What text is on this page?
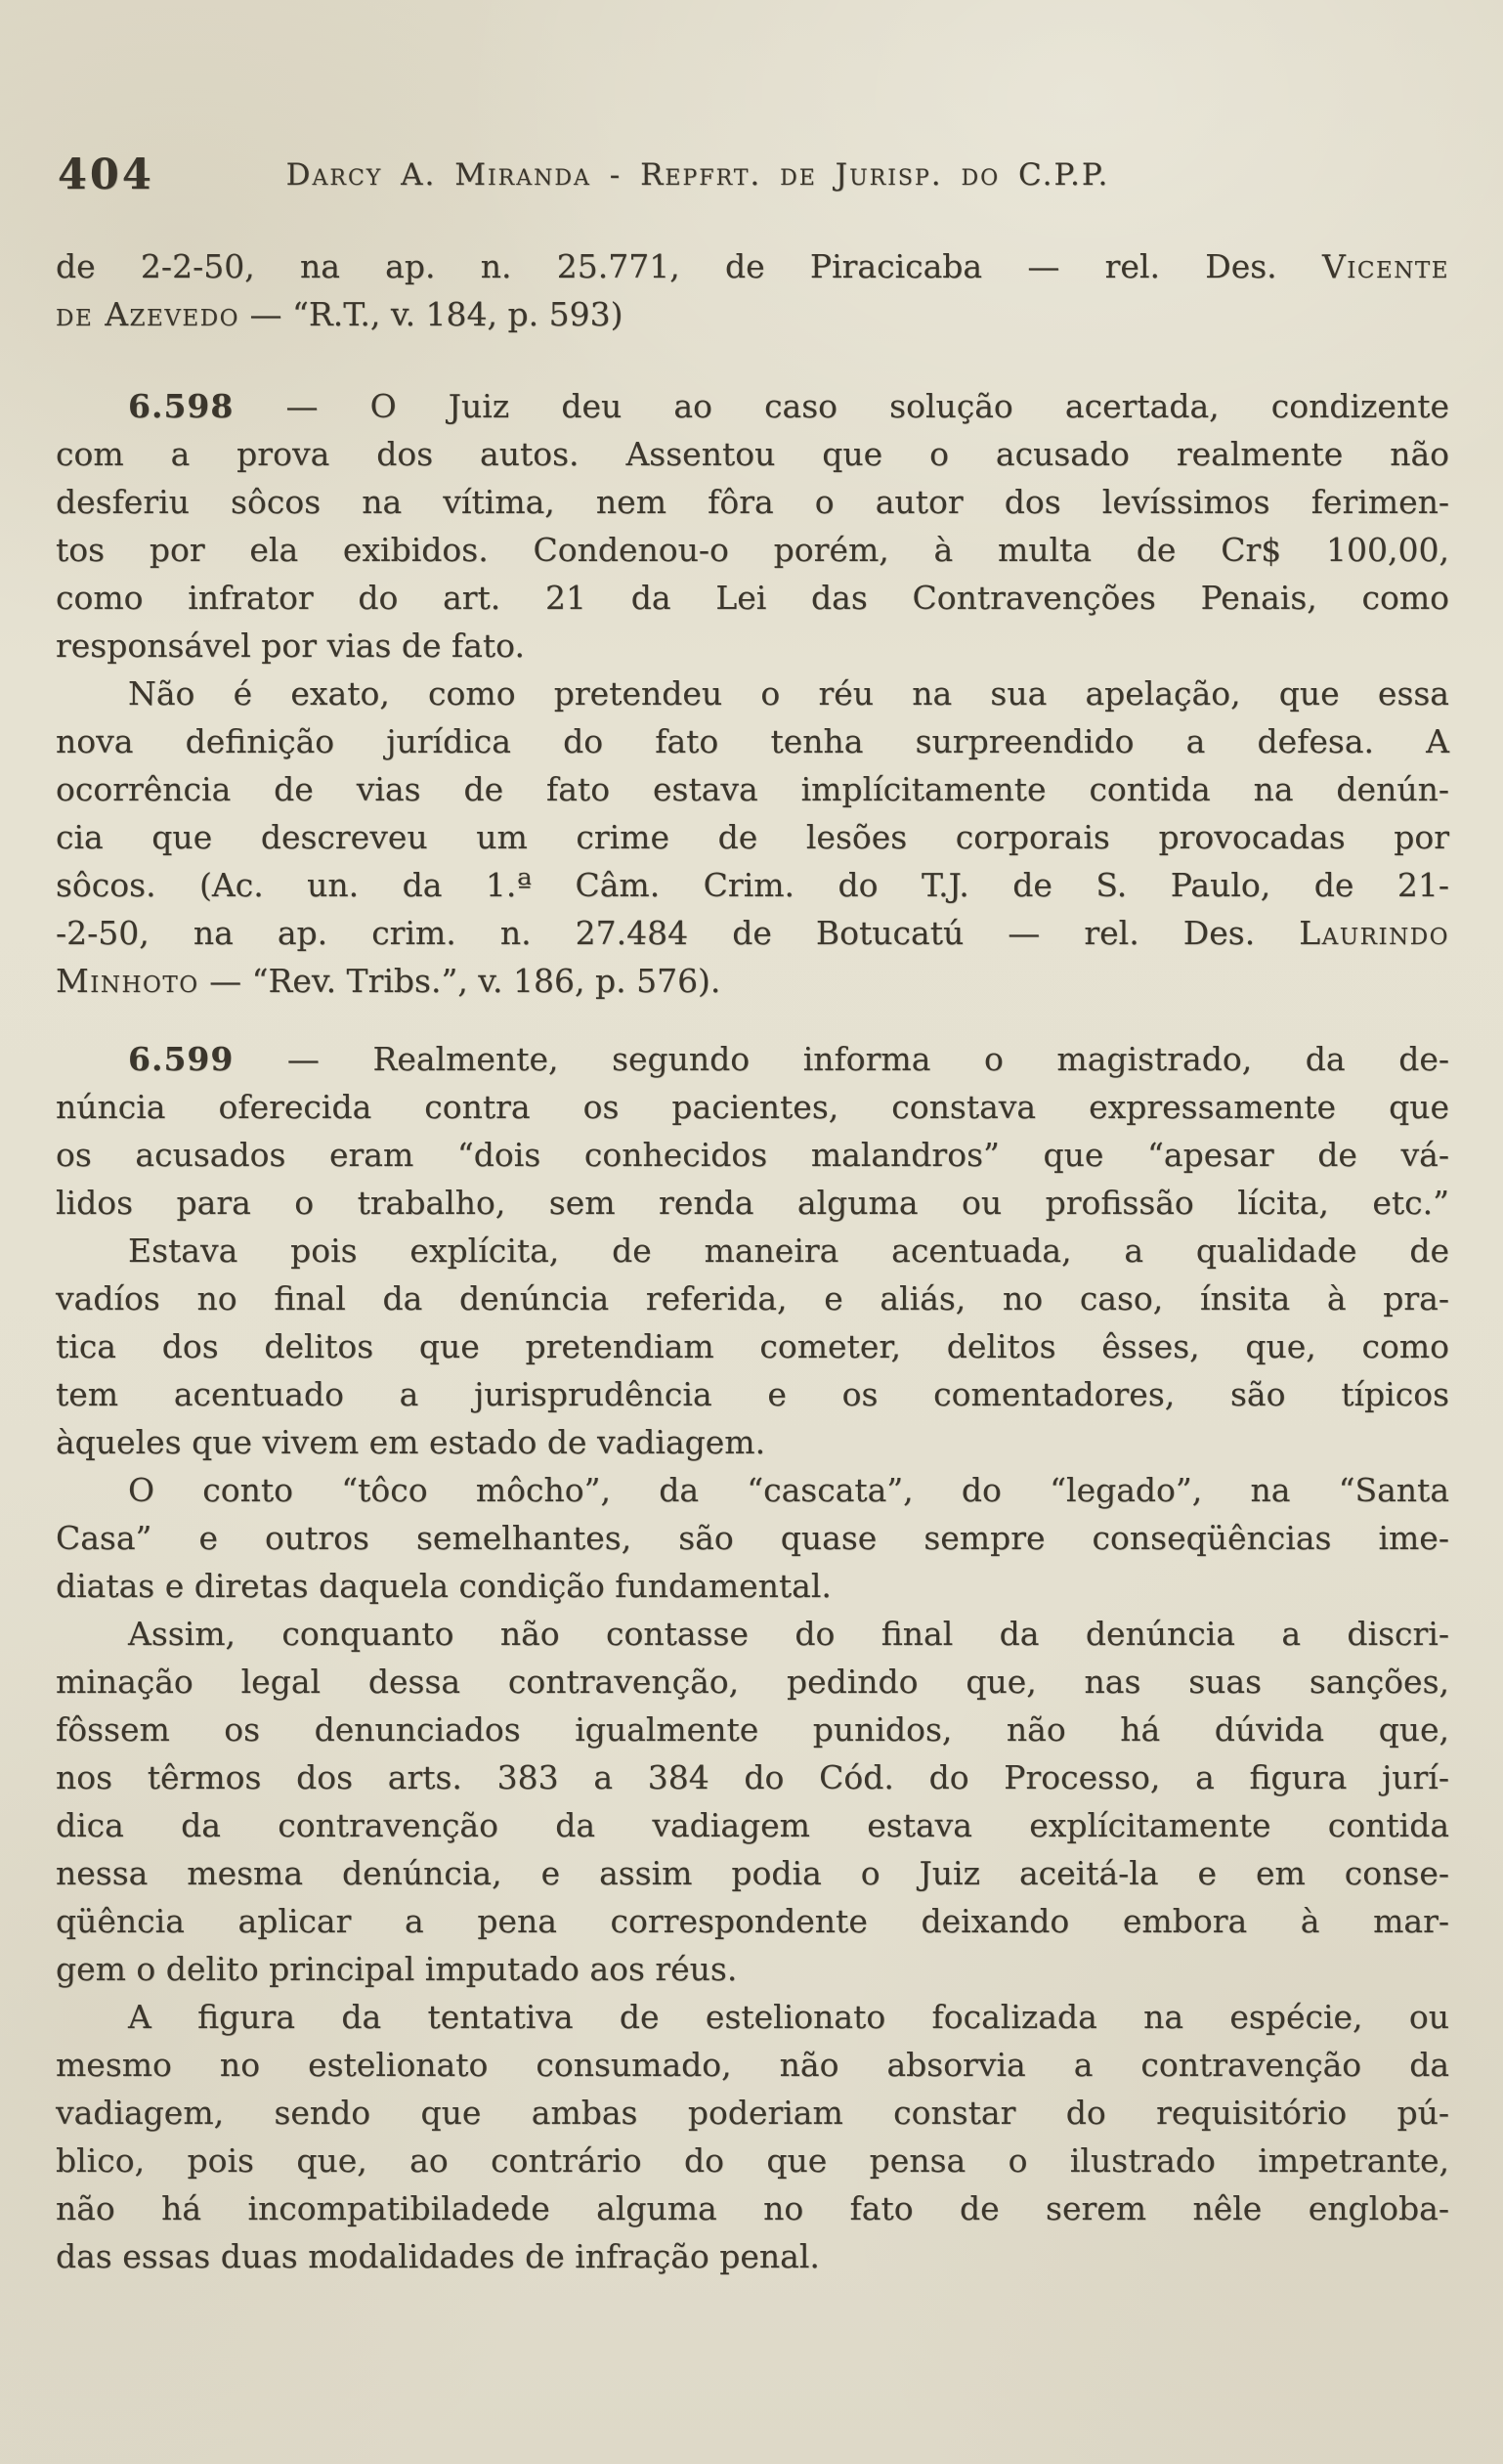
404	Darcy A. Miranda - Repfrt. de Jurisp. do C.P.P.
de 2-2-50, na ap. n. 25.771, de Piracicaba — rel. Des. Vicente
de Azevedo — “R.T., v. 184, p. 593)
6.598 — O Juiz deu ao caso solução acertada, condizente
com a prova dos autos. Assentou que o acusado realmente não
desferiu sôcos na vítima, nem fôra o autor dos levíssimos ferimen-
tos por ela exibidos. Condenou-o porém, à multa de Cr$ 100,00,
como infrator do art. 21 da Lei das Contravenções Penais, como
responsável por vias de fato.
Não é exato, como pretendeu o réu na sua apelação, que essa
nova definição jurídica do fato tenha surpreendido a defesa. A
ocorrência de vias de fato estava implícitamente contida na denún-
cia que descreveu um crime de lesões corporais provocadas por
sôcos. (Ac. un. da 1.ª Câm. Crim. do T.J. de S. Paulo, de 21-
-2-50, na ap. crim. n. 27.484 de Botucatú — rel. Des. Laurindo
Minhoto — “Rev. Tribs.”, v. 186, p. 576).
6.599 — Realmente, segundo informa o magistrado, da de-
núncia oferecida contra os pacientes, constava expressamente que
os acusados eram “dois conhecidos malandros” que “apesar de vá-
lidos para o trabalho, sem renda alguma ou profissão lícita, etc.”
Estava pois explícita, de maneira acentuada, a qualidade de
vadíos no final da denúncia referida, e aliás, no caso, ínsita à pra-
tica dos delitos que pretendiam cometer, delitos êsses, que, como
tem acentuado a jurisprudência e os comentadores, são típicos
àqueles que vivem em estado de vadiagem.
O conto “tôco môcho”, da “cascata”, do “legado”, na “Santa
Casa” e outros semelhantes, são quase sempre conseqüências ime-
diatas e diretas daquela condição fundamental.
Assim, conquanto não contasse do final da denúncia a discri-
minação legal dessa contravenção, pedindo que, nas suas sanções,
fôssem os denunciados igualmente punidos, não há dúvida que,
nos têrmos dos arts. 383 a 384 do Cód. do Processo, a figura jurí-
dica da contravenção da vadiagem estava explícitamente contida
nessa mesma denúncia, e assim podia o Juiz aceitá-la e em conse-
qüência aplicar a pena correspondente deixando embora à mar-
gem o delito principal imputado aos réus.
A figura da tentativa de estelionato focalizada na espécie, ou
mesmo no estelionato consumado, não absorvia a contravenção da
vadiagem, sendo que ambas poderiam constar do requisitório pú-
blico, pois que, ao contrário do que pensa o ilustrado impetrante,
não há incompatibiladede alguma no fato de serem nêle engloba-
das essas duas modalidades de infração penal.
